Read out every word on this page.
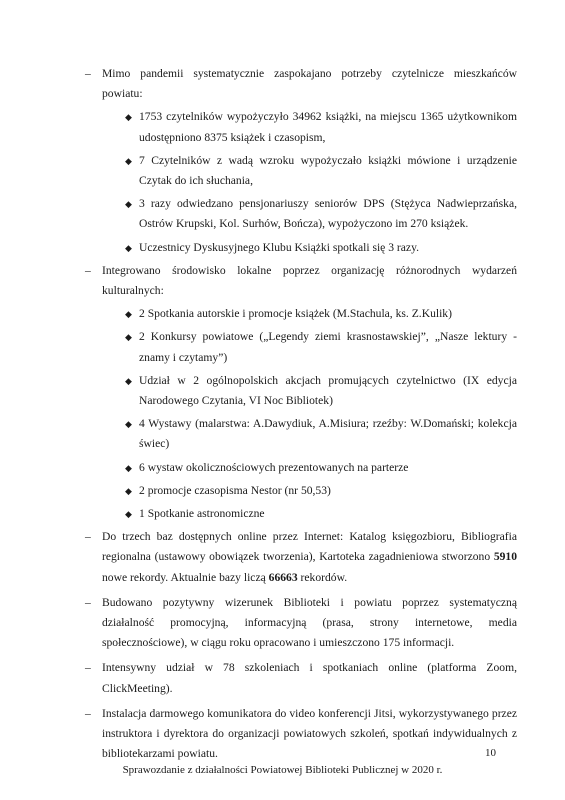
– Mimo pandemii systematycznie zaspokajano potrzeby czytelnicze mieszkańców powiatu:
◆ 1753 czytelników wypożyczyło 34962 książki, na miejscu 1365 użytkownikom udostępniono 8375 książek i czasopism,
◆ 7 Czytelników z wadą wzroku wypożyczało książki mówione i urządzenie Czytak do ich słuchania,
◆ 3 razy odwiedzano pensjonariuszy seniorów DPS (Stężyca Nadwieprzańska, Ostrów Krupski, Kol. Surhów, Bończa), wypożyczono im 270 książek.
◆ Uczestnicy Dyskusyjnego Klubu Książki spotkali się 3 razy.
– Integrowano środowisko lokalne poprzez organizację różnorodnych wydarzeń kulturalnych:
◆ 2 Spotkania autorskie i promocje książek (M.Stachula, ks. Z.Kulik)
◆ 2 Konkursy powiatowe („Legendy ziemi krasnostawskiej”, „Nasze lektury - znamy i czytamy”)
◆ Udział w 2 ogólnopolskich akcjach promujących czytelnictwo (IX edycja Narodowego Czytania, VI Noc Bibliotek)
◆ 4 Wystawy (malarstwa: A.Dawydiuk, A.Misiura; rzeźby: W.Domański; kolekcja świec)
◆ 6 wystaw okolicznościowych prezentowanych na parterze
◆ 2 promocje czasopisma Nestor (nr 50,53)
◆ 1 Spotkanie astronomiczne
– Do trzech baz dostępnych online przez Internet: Katalog księgozbioru, Bibliografia regionalna (ustawowy obowiązek tworzenia), Kartoteka zagadnieniowa stworzono 5910 nowe rekordy. Aktualnie bazy liczą 66663 rekordów.
– Budowano pozytywny wizerunek Biblioteki i powiatu poprzez systematyczną działalność promocyjną, informacyjną (prasa, strony internetowe, media społecznościowe), w ciągu roku opracowano i umieszczono 175 informacji.
– Intensywny udział w 78 szkoleniach i spotkaniach online (platforma Zoom, ClickMeeting).
– Instalacja darmowego komunikatora do video konferencji Jitsi, wykorzystywanego przez instruktora i dyrektora do organizacji powiatowych szkoleń, spotkań indywidualnych z bibliotekarzami powiatu.	10
Sprawozdanie z działalności Powiatowej Biblioteki Publicznej w 2020 r.
